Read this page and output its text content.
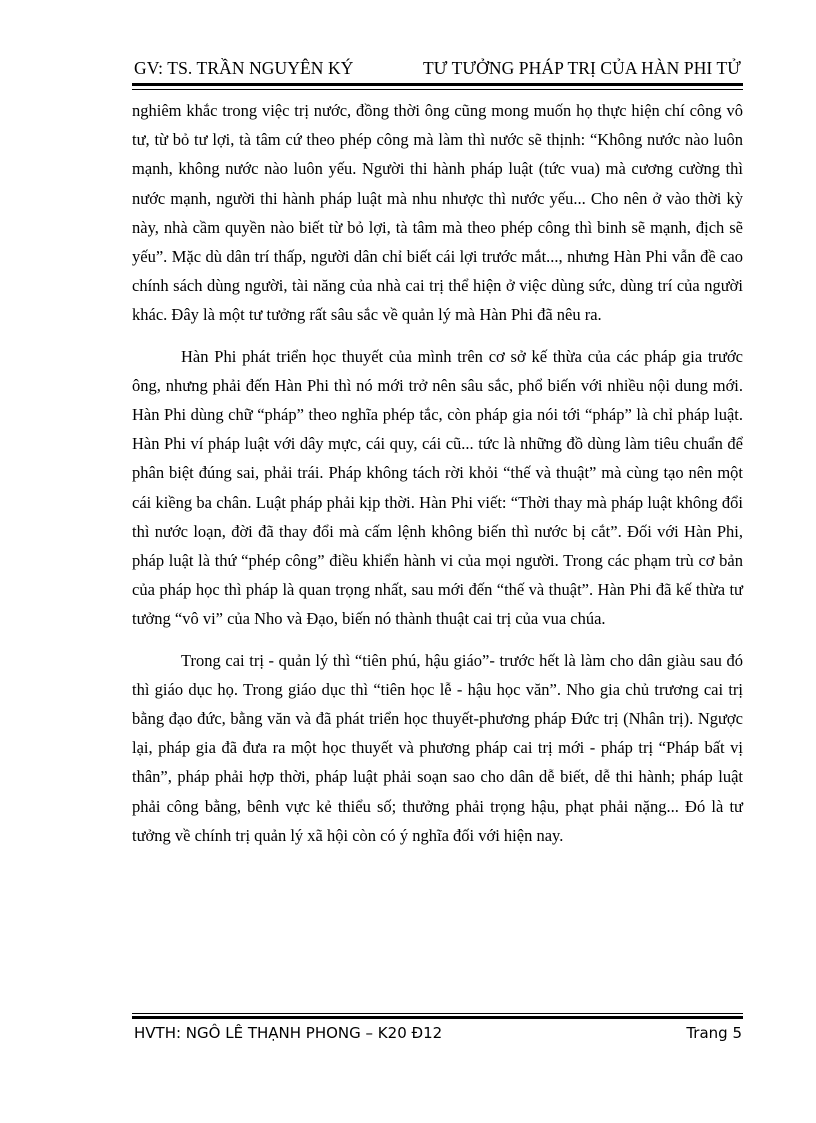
GV: TS. TRẦN NGUYÊN KÝ	TƯ TƯỞNG PHÁP TRỊ CỦA HÀN PHI TỬ

nghiêm khắc trong việc trị nước, đồng thời ông cũng mong muốn họ thực hiện chí công vô tư, từ bỏ tư lợi, tà tâm cứ theo phép công mà làm thì nước sẽ thịnh: “Không nước nào luôn mạnh, không nước nào luôn yếu. Người thi hành pháp luật (tức vua) mà cương cường thì nước mạnh, người thi hành pháp luật mà nhu nhược thì nước yếu... Cho nên ở vào thời kỳ này, nhà cầm quyền nào biết từ bỏ lợi, tà tâm mà theo phép công thì binh sẽ mạnh, địch sẽ yếu”. Mặc dù dân trí thấp, người dân chỉ biết cái lợi trước mắt..., nhưng Hàn Phi vẫn đề cao chính sách dùng người, tài năng của nhà cai trị thể hiện ở việc dùng sức, dùng trí của người khác. Đây là một tư tưởng rất sâu sắc về quản lý mà Hàn Phi đã nêu ra.

Hàn Phi phát triển học thuyết của mình trên cơ sở kế thừa của các pháp gia trước ông, nhưng phải đến Hàn Phi thì nó mới trở nên sâu sắc, phổ biến với nhiều nội dung mới. Hàn Phi dùng chữ “pháp” theo nghĩa phép tắc, còn pháp gia nói tới “pháp” là chỉ pháp luật. Hàn Phi ví pháp luật với dây mực, cái quy, cái cũ... tức là những đồ dùng làm tiêu chuẩn để phân biệt đúng sai, phải trái. Pháp không tách rời khỏi “thế và thuật” mà cùng tạo nên một cái kiềng ba chân. Luật pháp phải kịp thời. Hàn Phi viết: “Thời thay mà pháp luật không đổi thì nước loạn, đời đã thay đổi mà cấm lệnh không biến thì nước bị cắt”. Đối với Hàn Phi, pháp luật là thứ “phép công” điều khiển hành vi của mọi người. Trong các phạm trù cơ bản của pháp học thì pháp là quan trọng nhất, sau mới đến “thế và thuật”. Hàn Phi đã kế thừa tư tưởng “vô vi” của Nho và Đạo, biến nó thành thuật cai trị của vua chúa.

Trong cai trị - quản lý thì “tiên phú, hậu giáo”- trước hết là làm cho dân giàu sau đó thì giáo dục họ. Trong giáo dục thì “tiên học lễ - hậu học văn”. Nho gia chủ trương cai trị bằng đạo đức, bằng văn và đã phát triển học thuyết-phương pháp Đức trị (Nhân trị). Ngược lại, pháp gia đã đưa ra một học thuyết và phương pháp cai trị mới - pháp trị “Pháp bất vị thân”, pháp phải hợp thời, pháp luật phải soạn sao cho dân dễ biết, dễ thi hành; pháp luật phải công bằng, bênh vực kẻ thiểu số; thưởng phải trọng hậu, phạt phải nặng... Đó là tư tưởng về chính trị quản lý xã hội còn có ý nghĩa đối với hiện nay.

HVTH: NGÔ LÊ THẠNH PHONG – K20 Đ12	Trang 5
